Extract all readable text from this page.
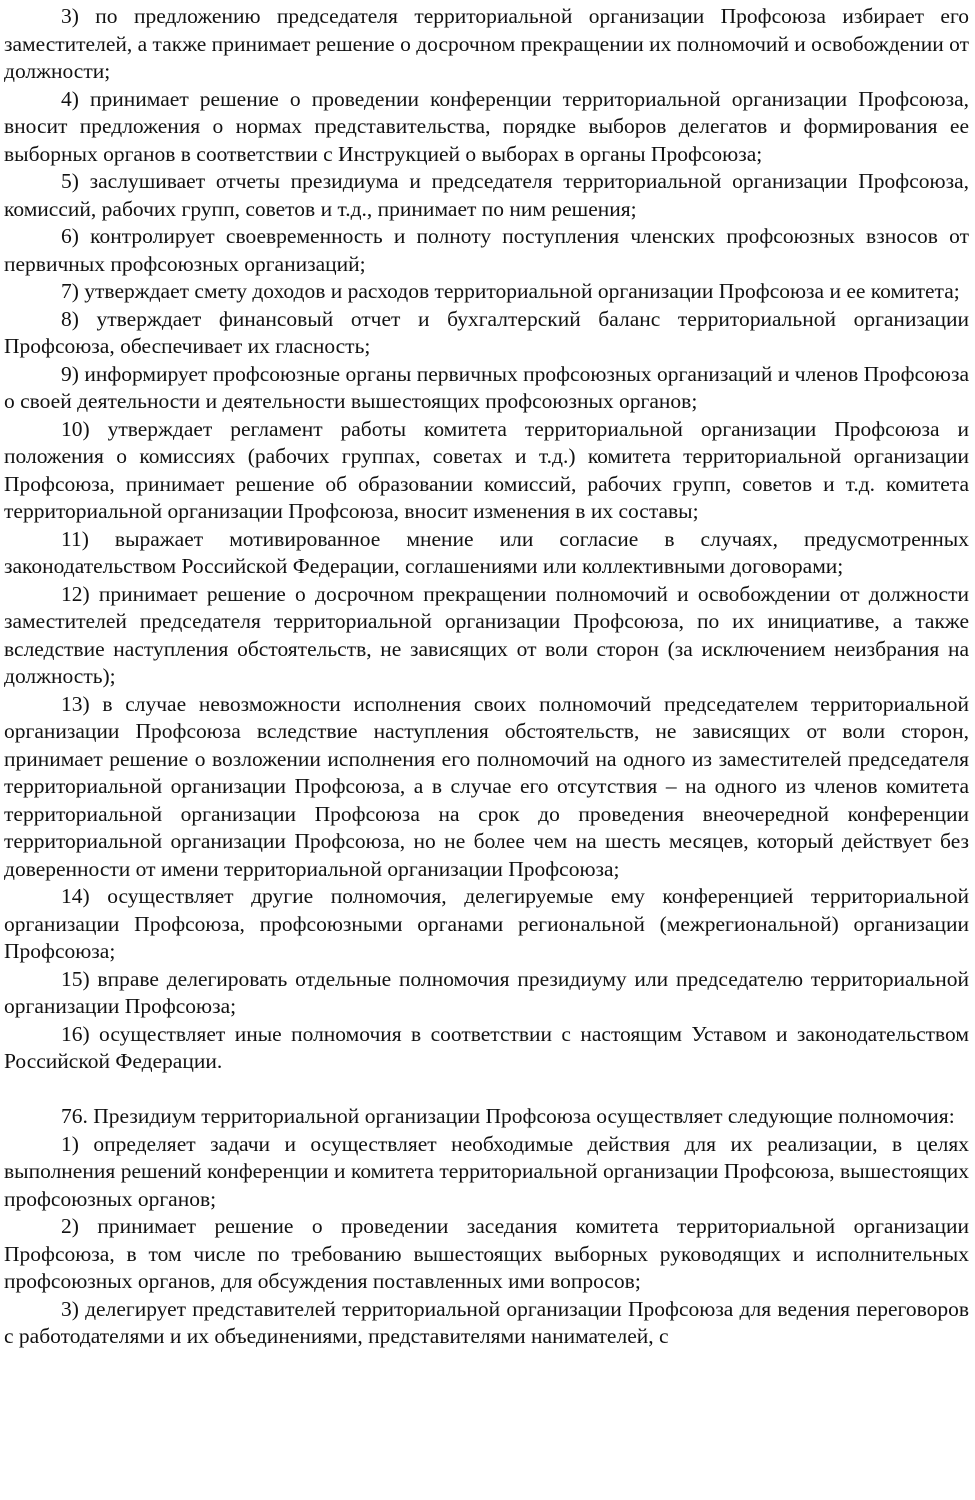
3) по предложению председателя территориальной организации Профсоюза избирает его заместителей, а также принимает решение о досрочном прекращении их полномочий и освобождении от должности;

4) принимает решение о проведении конференции территориальной организации Профсоюза, вносит предложения о нормах представительства, порядке выборов делегатов и формирования ее выборных органов в соответствии с Инструкцией о выборах в органы Профсоюза;

5) заслушивает отчеты президиума и председателя территориальной организации Профсоюза, комиссий, рабочих групп, советов и т.д., принимает по ним решения;

6) контролирует своевременность и полноту поступления членских профсоюзных взносов от первичных профсоюзных организаций;

7) утверждает смету доходов и расходов территориальной организации Профсоюза и ее комитета;

8) утверждает финансовый отчет и бухгалтерский баланс территориальной организации Профсоюза, обеспечивает их гласность;

9) информирует профсоюзные органы первичных профсоюзных организаций и членов Профсоюза о своей деятельности и деятельности вышестоящих профсоюзных органов;

10) утверждает регламент работы комитета территориальной организации Профсоюза и положения о комиссиях (рабочих группах, советах и т.д.) комитета территориальной организации Профсоюза, принимает решение об образовании комиссий, рабочих групп, советов и т.д. комитета территориальной организации Профсоюза, вносит изменения в их составы;

11) выражает мотивированное мнение или согласие в случаях, предусмотренных законодательством Российской Федерации, соглашениями или коллективными договорами;

12) принимает решение о досрочном прекращении полномочий и освобождении от должности заместителей председателя территориальной организации Профсоюза, по их инициативе, а также вследствие наступления обстоятельств, не зависящих от воли сторон (за исключением неизбрания на должность);

13) в случае невозможности исполнения своих полномочий председателем территориальной организации Профсоюза вследствие наступления обстоятельств, не зависящих от воли сторон, принимает решение о возложении исполнения его полномочий на одного из заместителей председателя территориальной организации Профсоюза, а в случае его отсутствия – на одного из членов комитета территориальной организации Профсоюза на срок до проведения внеочередной конференции территориальной организации Профсоюза, но не более чем на шесть месяцев, который действует без доверенности от имени территориальной организации Профсоюза;

14) осуществляет другие полномочия, делегируемые ему конференцией территориальной организации Профсоюза, профсоюзными органами региональной (межрегиональной) организации Профсоюза;

15) вправе делегировать отдельные полномочия президиуму или председателю территориальной организации Профсоюза;

16) осуществляет иные полномочия в соответствии с настоящим Уставом и законодательством Российской Федерации.

76. Президиум территориальной организации Профсоюза осуществляет следующие полномочия:

1) определяет задачи и осуществляет необходимые действия для их реализации, в целях выполнения решений конференции и комитета территориальной организации Профсоюза, вышестоящих профсоюзных органов;

2) принимает решение о проведении заседания комитета территориальной организации Профсоюза, в том числе по требованию вышестоящих выборных руководящих и исполнительных профсоюзных органов, для обсуждения поставленных ими вопросов;

3) делегирует представителей территориальной организации Профсоюза для ведения переговоров с работодателями и их объединениями, представителями нанимателей, с
